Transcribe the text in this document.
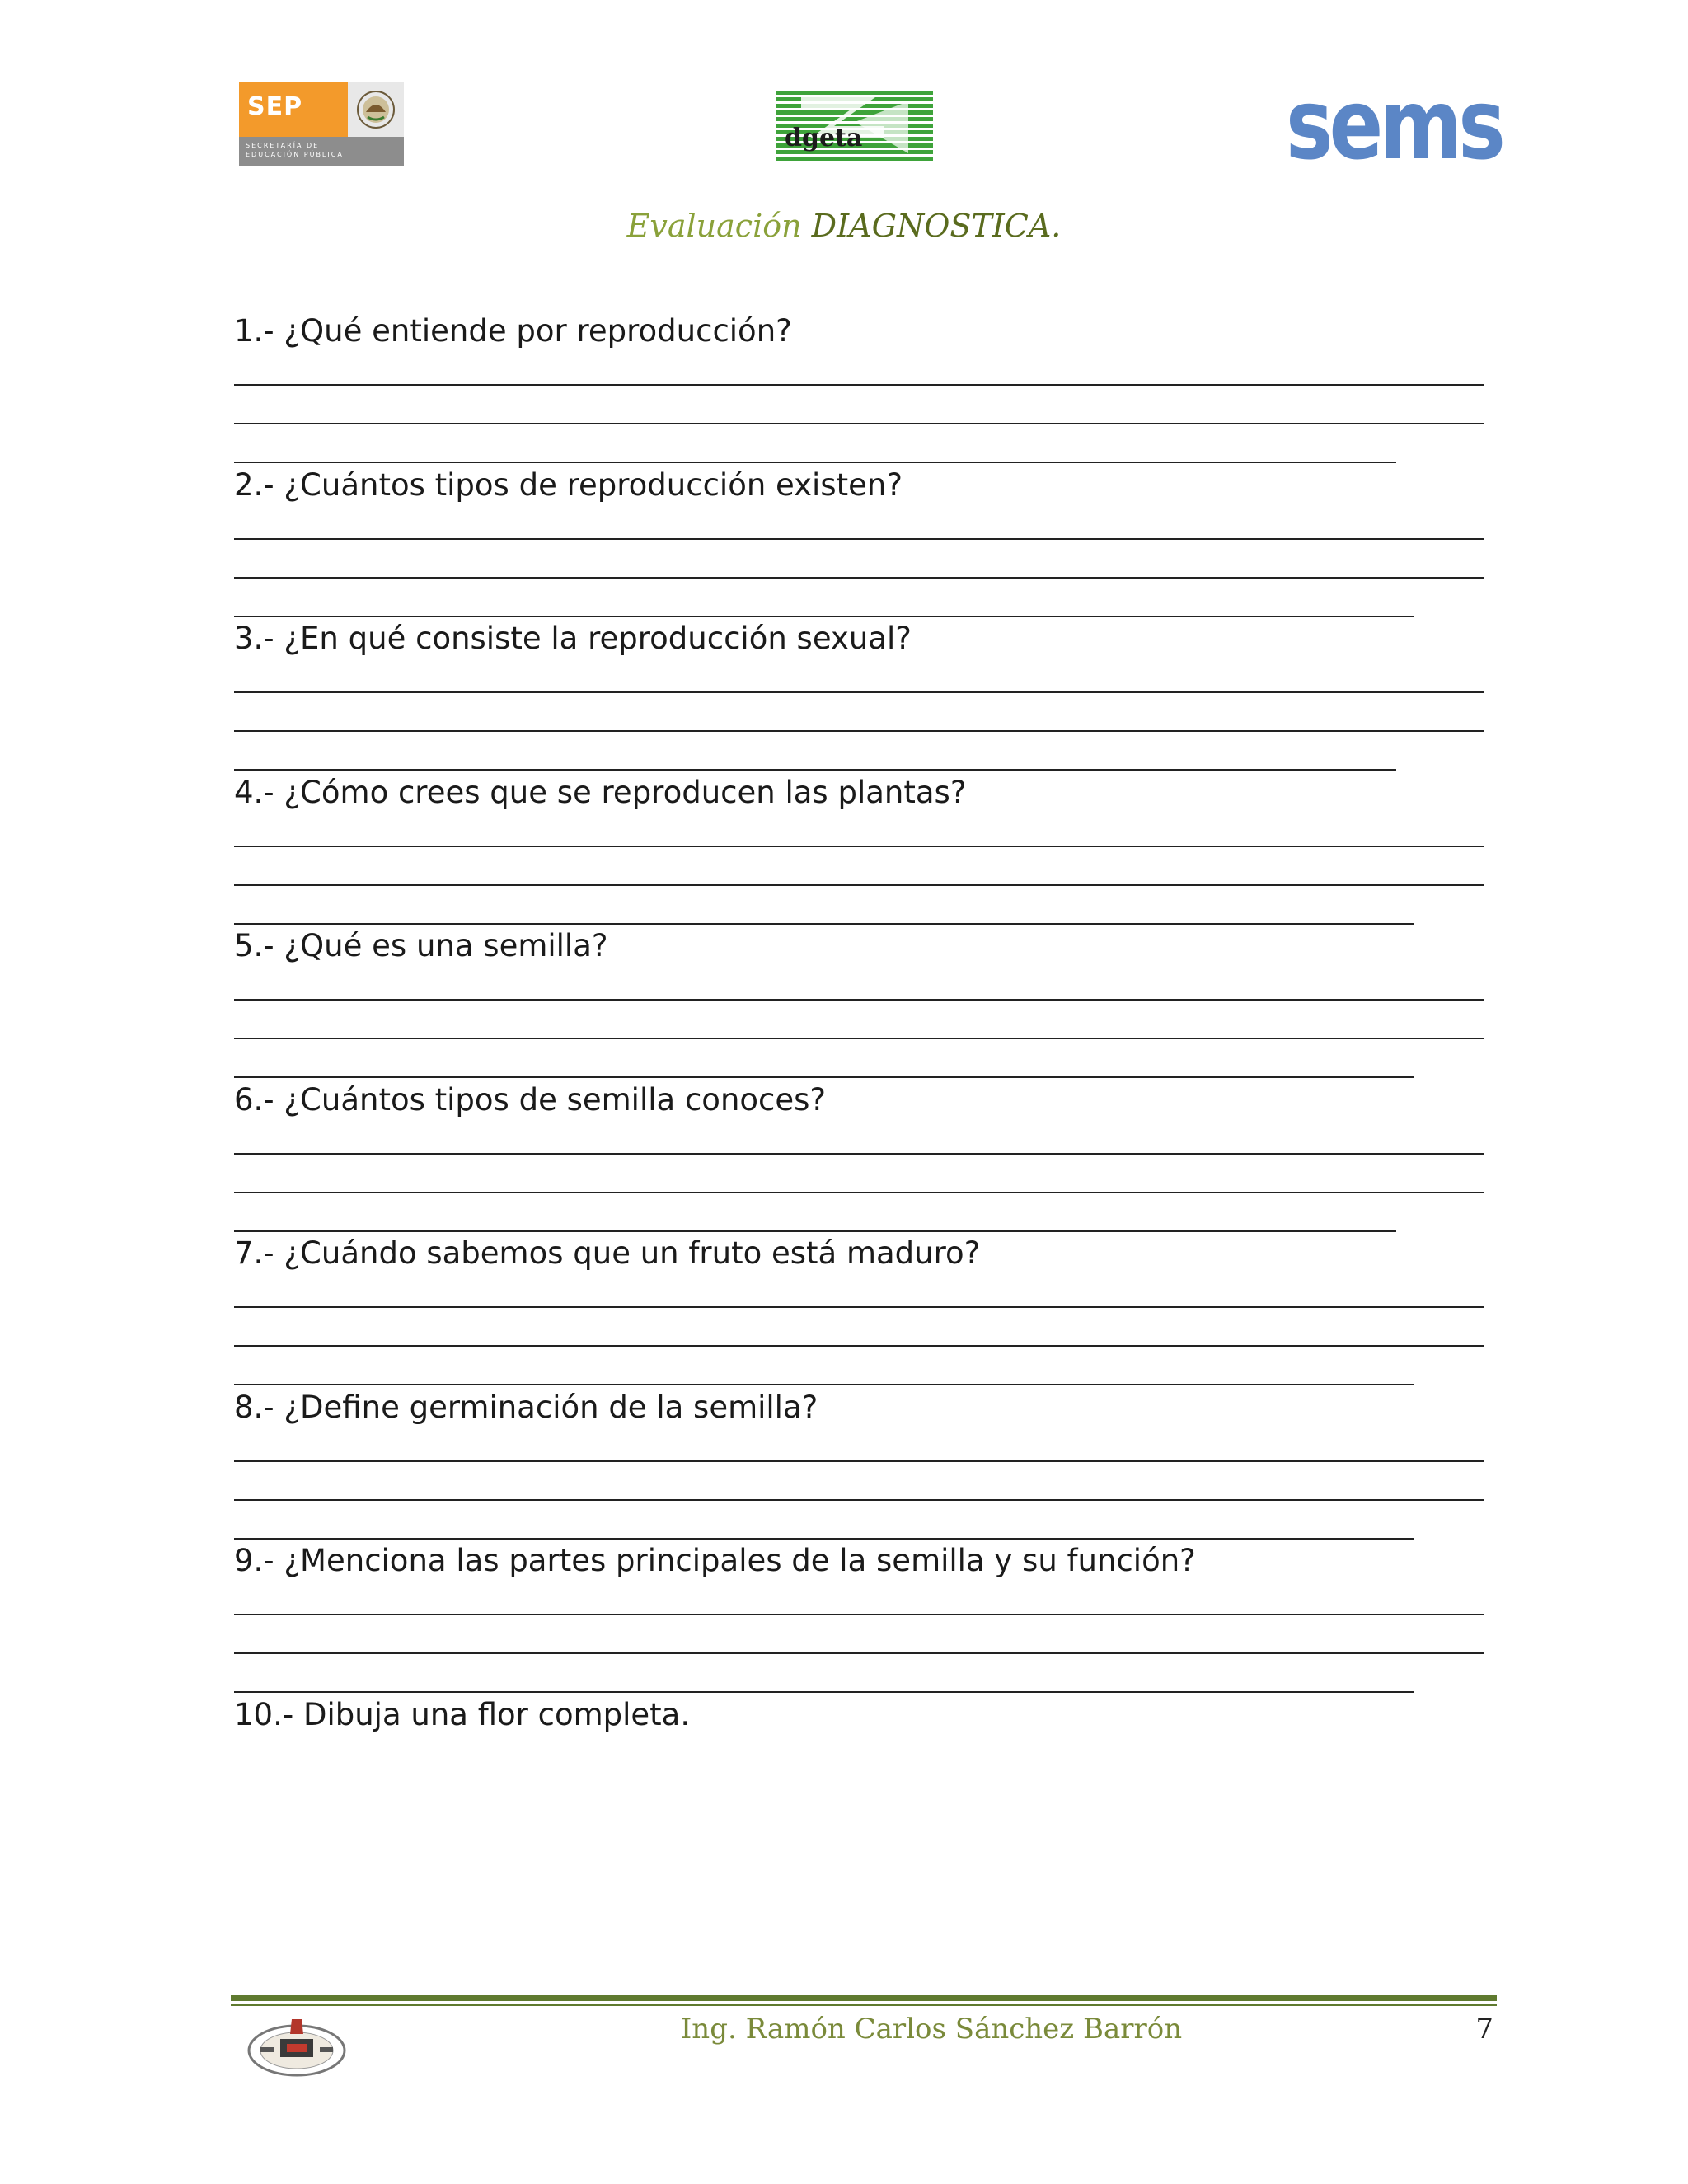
SEP
SECRETARÍA DE EDUCACIÓN PÚBLICA
dgeta	sems
Evaluación DIAGNOSTICA.
1.- ¿Qué entiende por reproducción?
2.- ¿Cuántos tipos de reproducción existen?
3.- ¿En qué consiste la reproducción sexual?
4.- ¿Cómo crees que se reproducen las plantas?
5.- ¿Qué es una semilla?
6.- ¿Cuántos tipos de semilla conoces?
7.- ¿Cuándo sabemos que un fruto está maduro?
8.- ¿Define germinación de la semilla?
9.- ¿Menciona las partes principales de la semilla y su función?
10.- Dibuja una flor completa.
Ing. Ramón Carlos Sánchez Barrón	7
